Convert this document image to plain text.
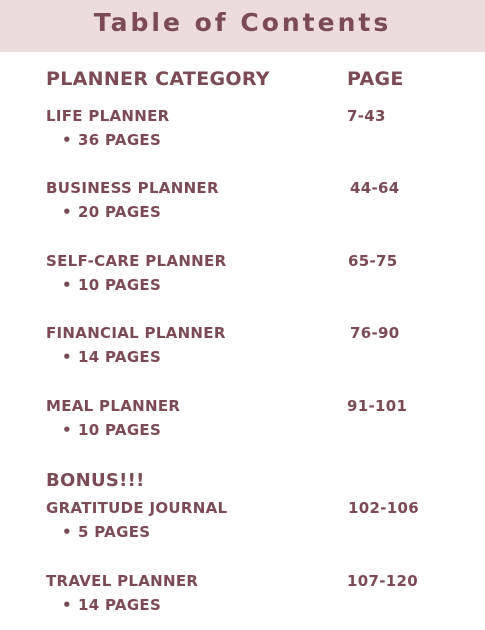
Table of Contents
PLANNER CATEGORY	PAGE
LIFE PLANNER	7-43
• 36 PAGES
BUSINESS PLANNER	44-64
• 20 PAGES
SELF-CARE PLANNER	65-75
• 10 PAGES
FINANCIAL PLANNER	76-90
• 14 PAGES
MEAL PLANNER	91-101
• 10 PAGES
BONUS!!!
GRATITUDE JOURNAL	102-106
• 5 PAGES
TRAVEL PLANNER	107-120
• 14 PAGES
